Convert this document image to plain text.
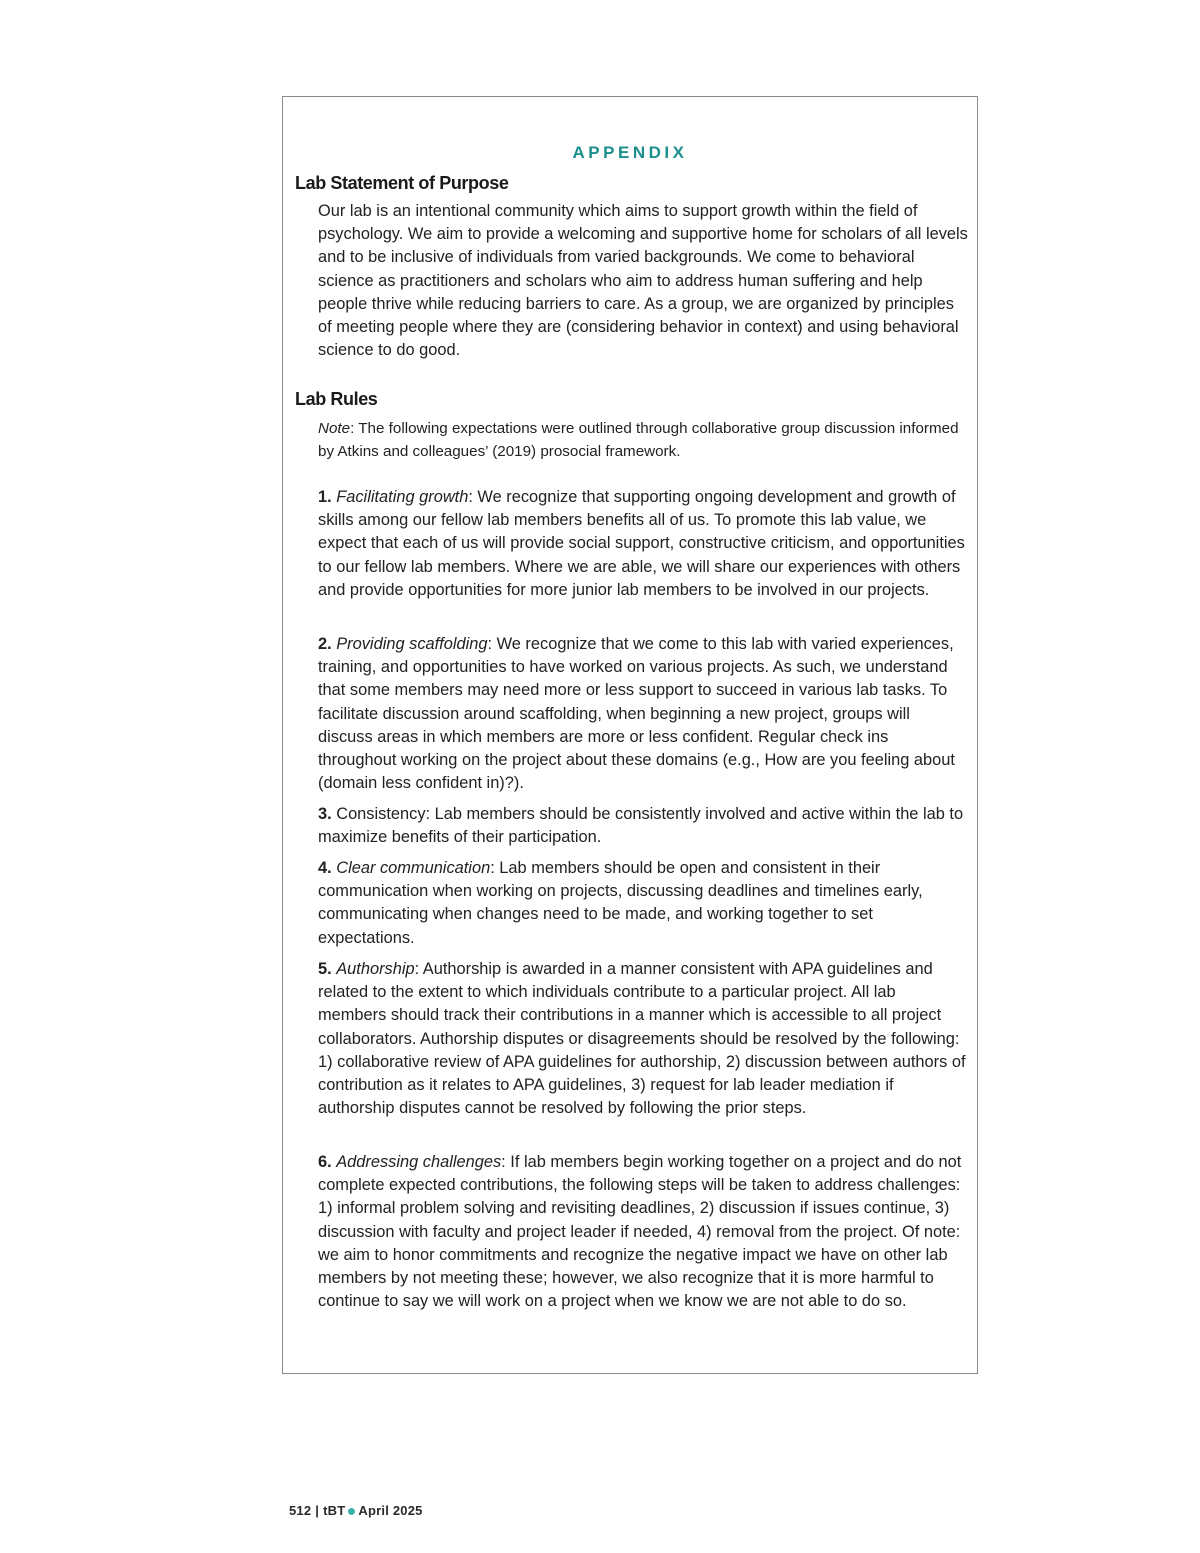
APPENDIX
Lab Statement of Purpose
Our lab is an intentional community which aims to support growth within the field of psychology. We aim to provide a welcoming and supportive home for scholars of all levels and to be inclusive of individuals from varied backgrounds. We come to behavioral science as practitioners and scholars who aim to address human suffering and help people thrive while reducing barriers to care. As a group, we are organized by principles of meeting people where they are (considering behavior in context) and using behavioral science to do good.
Lab Rules
Note: The following expectations were outlined through collaborative group discussion informed by Atkins and colleagues’ (2019) prosocial framework.
1. Facilitating growth: We recognize that supporting ongoing development and growth of skills among our fellow lab members benefits all of us. To promote this lab value, we expect that each of us will provide social support, constructive criticism, and opportunities to our fellow lab members. Where we are able, we will share our experiences with others and provide opportunities for more junior lab members to be involved in our projects.
2. Providing scaffolding: We recognize that we come to this lab with varied experiences, training, and opportunities to have worked on various projects. As such, we understand that some members may need more or less support to succeed in various lab tasks. To facilitate discussion around scaffolding, when beginning a new project, groups will discuss areas in which members are more or less confident. Regular check ins throughout working on the project about these domains (e.g., How are you feeling about (domain less confident in)?).
3. Consistency: Lab members should be consistently involved and active within the lab to maximize benefits of their participation.
4. Clear communication: Lab members should be open and consistent in their communication when working on projects, discussing deadlines and timelines early, communicating when changes need to be made, and working together to set expectations.
5. Authorship: Authorship is awarded in a manner consistent with APA guidelines and related to the extent to which individuals contribute to a particular project. All lab members should track their contributions in a manner which is accessible to all project collaborators. Authorship disputes or disagreements should be resolved by the following: 1) collaborative review of APA guidelines for authorship, 2) discussion between authors of contribution as it relates to APA guidelines, 3) request for lab leader mediation if authorship disputes cannot be resolved by following the prior steps.
6. Addressing challenges: If lab members begin working together on a project and do not complete expected contributions, the following steps will be taken to address challenges: 1) informal problem solving and revisiting deadlines, 2) discussion if issues continue, 3) discussion with faculty and project leader if needed, 4) removal from the project. Of note: we aim to honor commitments and recognize the negative impact we have on other lab members by not meeting these; however, we also recognize that it is more harmful to continue to say we will work on a project when we know we are not able to do so.
512 | tBT April 2025
